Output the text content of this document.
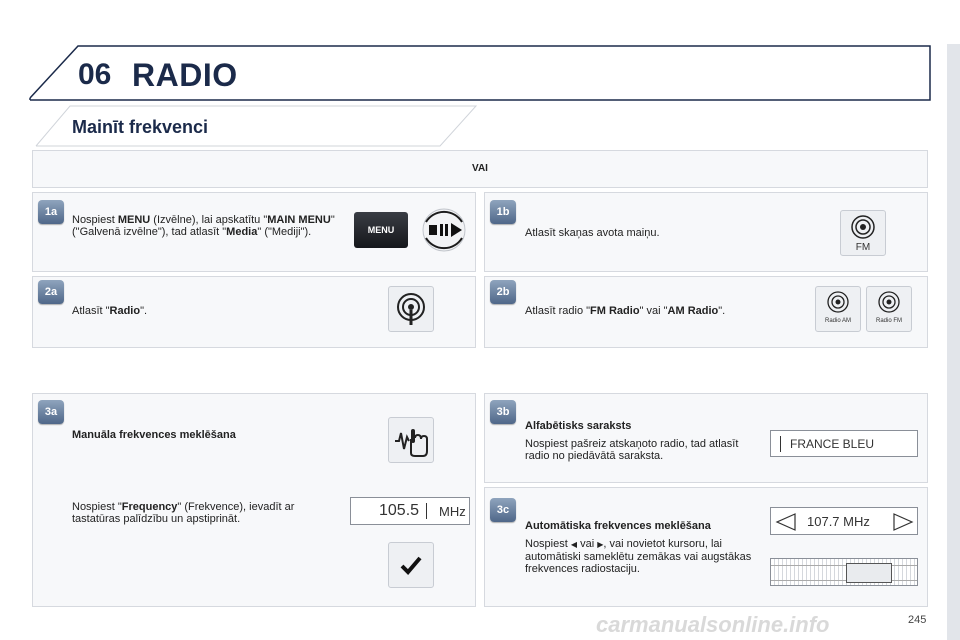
06 RADIO
Mainīt frekvenci
VAI
1a
Nospiest MENU (Izvēlne), lai apskatītu "MAIN MENU" ("Galvenā izvēlne"), tad atlasīt "Media" ("Mediji").	MENU
1b
Atlasīt skaņas avota maiņu.
FM
2a
Atlasīt "Radio".
2b
Atlasīt radio "FM Radio" vai "AM Radio".
Radio AM	Radio FM
3a
Manuāla frekvences meklēšana
Nospiest "Frequency" (Frekvence), ievadīt ar tastatūras palīdzību un apstiprināt.	105.5 MHz
3b
Alfabētisks saraksts
Nospiest pašreiz atskaņoto radio, tad atlasīt radio no piedāvātā saraksta.
FRANCE BLEU
3c
Automātiska frekvences meklēšana
Nospiest ◀ vai ▶, vai novietot kursoru, lai automātiski sameklētu zemākas vai augstākas frekvences radiostaciju.
107.7 MHz
carmanualsonline.info	245
